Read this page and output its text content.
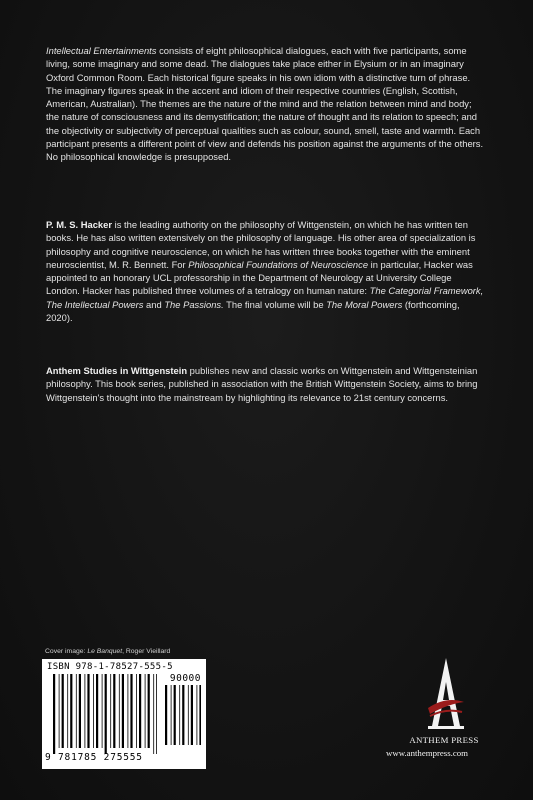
Intellectual Entertainments consists of eight philosophical dialogues, each with five participants, some living, some imaginary and some dead. The dialogues take place either in Elysium or in an imaginary Oxford Common Room. Each historical figure speaks in his own idiom with a distinctive turn of phrase. The imaginary figures speak in the accent and idiom of their respective countries (English, Scottish, American, Australian). The themes are the nature of the mind and the relation between mind and body; the nature of consciousness and its demystification; the nature of thought and its relation to speech; and the objectivity or subjectivity of perceptual qualities such as colour, sound, smell, taste and warmth. Each participant presents a different point of view and defends his position against the arguments of the others. No philosophical knowledge is presupposed.

P. M. S. Hacker is the leading authority on the philosophy of Wittgenstein, on which he has written ten books. He has also written extensively on the philosophy of language. His other area of specialization is philosophy and cognitive neuroscience, on which he has written three books together with the eminent neuroscientist, M. R. Bennett. For Philosophical Foundations of Neuroscience in particular, Hacker was appointed to an honorary UCL professorship in the Department of Neurology at University College London. Hacker has published three volumes of a tetralogy on human nature: The Categorial Framework, The Intellectual Powers and The Passions. The final volume will be The Moral Powers (forthcoming, 2020).

Anthem Studies in Wittgenstein publishes new and classic works on Wittgenstein and Wittgensteinian philosophy. This book series, published in association with the British Wittgenstein Society, aims to bring Wittgenstein's thought into the mainstream by highlighting its relevance to 21st century concerns.

Cover image: Le Banquet, Roger Vieillard
ISBN 978-1-78527-555-5
90000
9 781785 275555
ANTHEM PRESS
www.anthempress.com
